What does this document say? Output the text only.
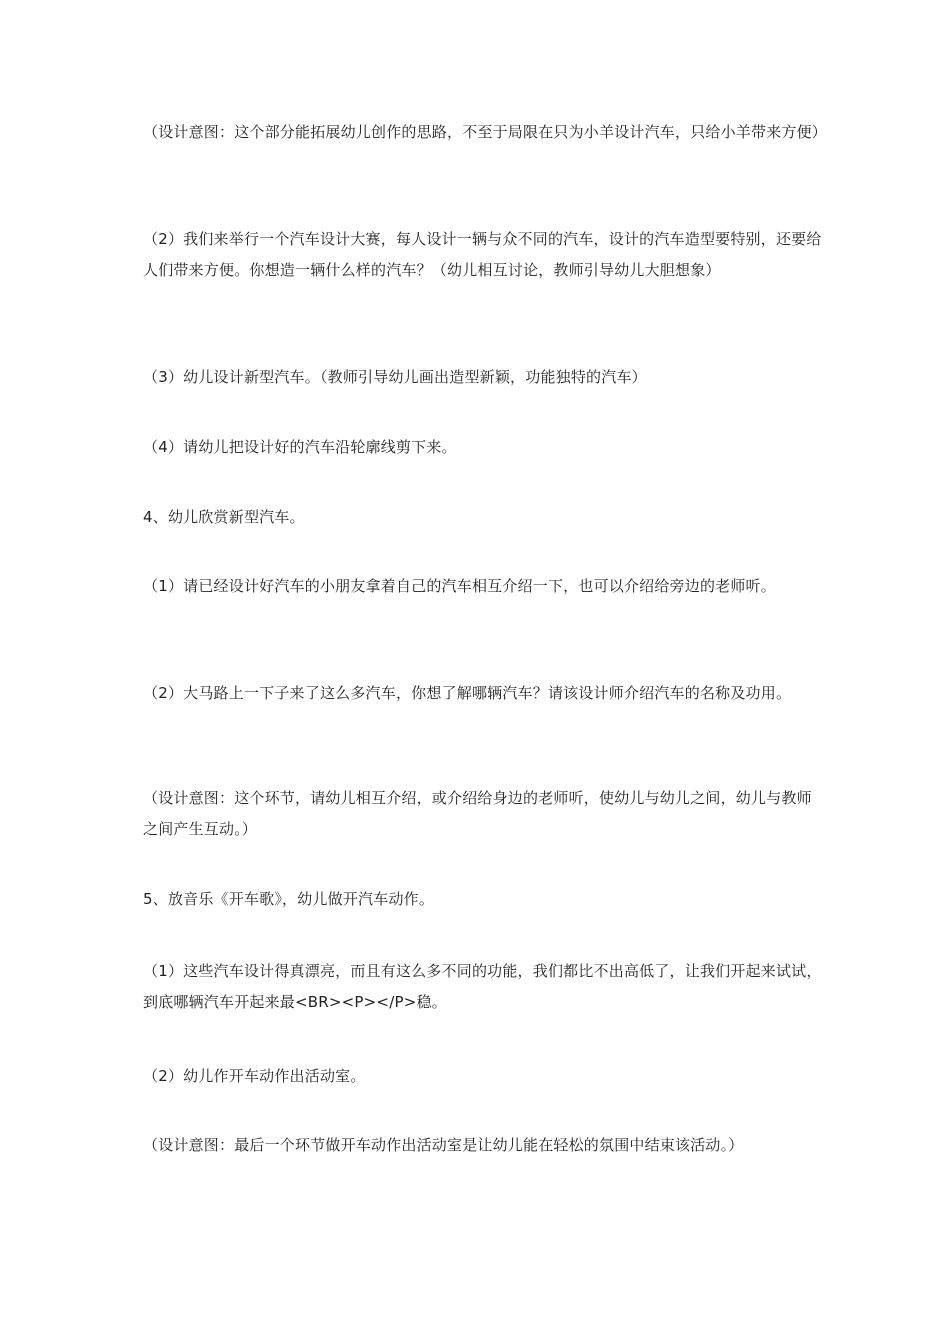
（设计意图：这个部分能拓展幼儿创作的思路，不至于局限在只为小羊设计汽车，只给小羊带来方便）

（2）我们来举行一个汽车设计大赛，每人设计一辆与众不同的汽车，设计的汽车造型要特别，还要给人们带来方便。你想造一辆什么样的汽车？（幼儿相互讨论，教师引导幼儿大胆想象）

（3）幼儿设计新型汽车。（教师引导幼儿画出造型新颖，功能独特的汽车）

（4）请幼儿把设计好的汽车沿轮廓线剪下来。

4、幼儿欣赏新型汽车。

（1）请已经设计好汽车的小朋友拿着自己的汽车相互介绍一下，也可以介绍给旁边的老师听。

（2）大马路上一下子来了这么多汽车，你想了解哪辆汽车？请该设计师介绍汽车的名称及功用。

（设计意图：这个环节，请幼儿相互介绍，或介绍给身边的老师听，使幼儿与幼儿之间，幼儿与教师之间产生互动。）

5、放音乐《开车歌》，幼儿做开汽车动作。

（1）这些汽车设计得真漂亮，而且有这么多不同的功能，我们都比不出高低了，让我们开起来试试，到底哪辆汽车开起来最<BR><P></P>稳。

（2）幼儿作开车动作出活动室。

（设计意图：最后一个环节做开车动作出活动室是让幼儿能在轻松的氛围中结束该活动。）
